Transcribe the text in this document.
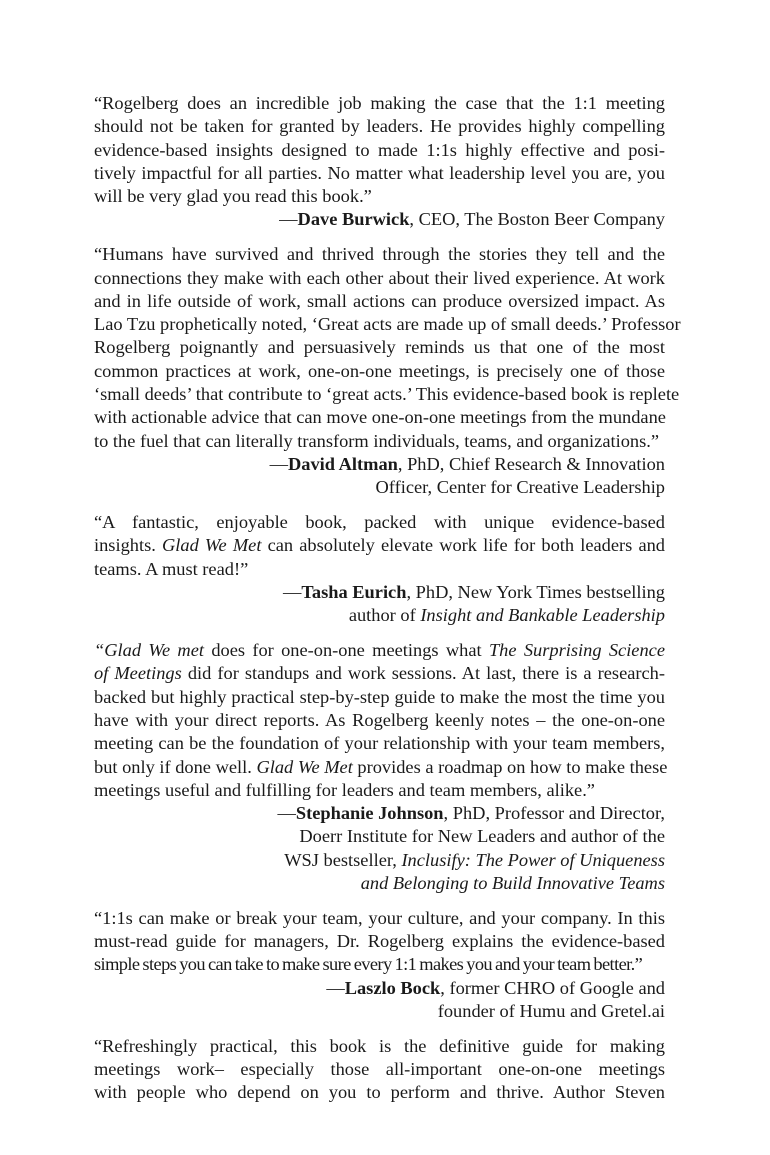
“Rogelberg does an incredible job making the case that the 1:1 meeting
should not be taken for granted by leaders. He provides highly compelling
evidence-based insights designed to made 1:1s highly effective and posi-
tively impactful for all parties. No matter what leadership level you are, you
will be very glad you read this book.”
—Dave Burwick, CEO, The Boston Beer Company
“Humans have survived and thrived through the stories they tell and the
connections they make with each other about their lived experience. At work
and in life outside of work, small actions can produce oversized impact. As
Lao Tzu prophetically noted, ‘Great acts are made up of small deeds.’ Professor
Rogelberg poignantly and persuasively reminds us that one of the most
common practices at work, one-on-one meetings, is precisely one of those
‘small deeds’ that contribute to ‘great acts.’ This evidence-based book is replete
with actionable advice that can move one-on-one meetings from the mundane
to the fuel that can literally transform individuals, teams, and organizations.”
—David Altman, PhD, Chief Research & Innovation
Officer, Center for Creative Leadership
“A fantastic, enjoyable book, packed with unique evidence-based
insights. Glad We Met can absolutely elevate work life for both leaders and
teams. A must read!”
—Tasha Eurich, PhD, New York Times bestselling
author of Insight and Bankable Leadership
“Glad We met does for one-on-one meetings what The Surprising Science
of Meetings did for standups and work sessions. At last, there is a research-
backed but highly practical step-by-step guide to make the most the time you
have with your direct reports. As Rogelberg keenly notes – the one-on-one
meeting can be the foundation of your relationship with your team members,
but only if done well. Glad We Met provides a roadmap on how to make these
meetings useful and fulfilling for leaders and team members, alike.”
—Stephanie Johnson, PhD, Professor and Director,
Doerr Institute for New Leaders and author of the
WSJ bestseller, Inclusify: The Power of Uniqueness
and Belonging to Build Innovative Teams
“1:1s can make or break your team, your culture, and your company. In this
must-read guide for managers, Dr. Rogelberg explains the evidence-based
simple steps you can take to make sure every 1:1 makes you and your team better.”
—Laszlo Bock, former CHRO of Google and
founder of Humu and Gretel.ai
“Refreshingly practical, this book is the definitive guide for making
meetings work– especially those all-important one-on-one meetings
with people who depend on you to perform and thrive. Author Steven
